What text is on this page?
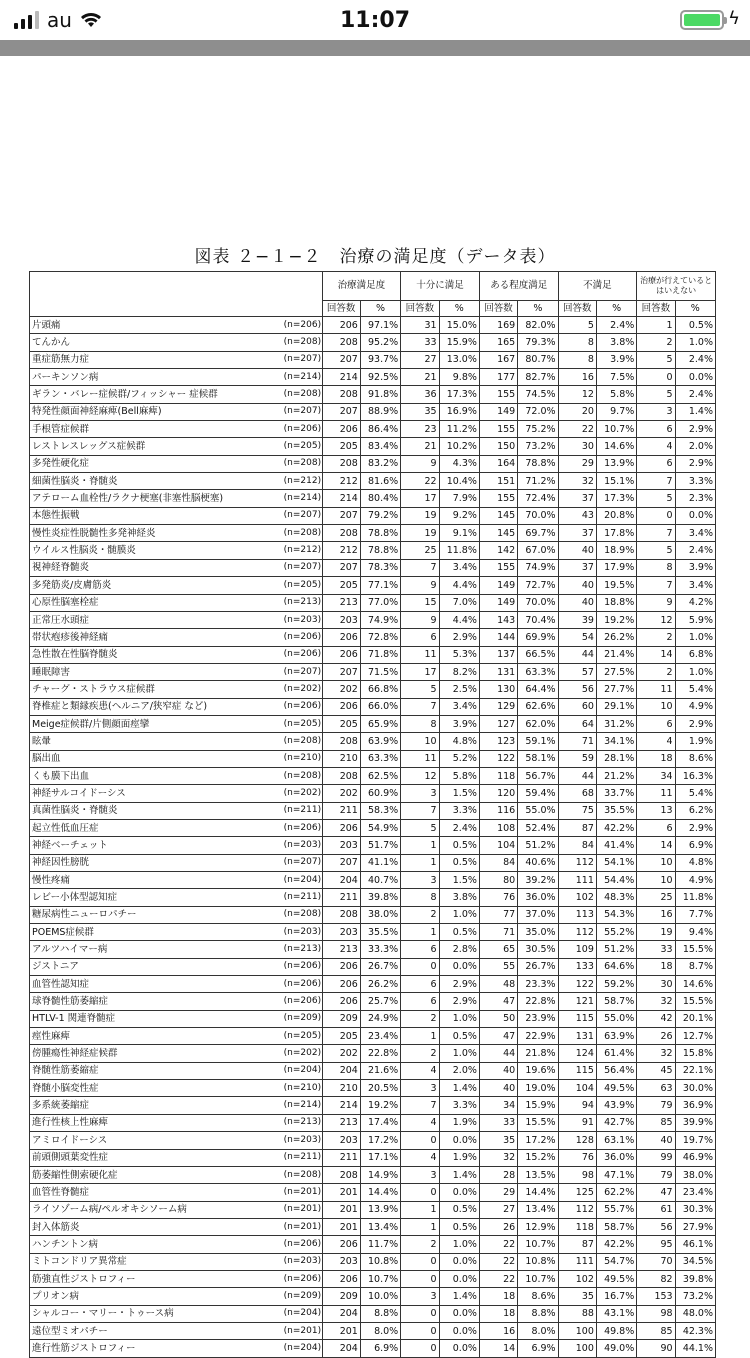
au	11:07	ϟ
図表 ２−１−２　治療の満足度（データ表）
		治療満足度		十分に満足		ある程度満足		不満足		治療が行えているとはいえない	
		回答数	%	回答数	%	回答数	%	回答数	%	回答数	%
片頭痛	(n=206)	206	97.1%	31	15.0%	169	82.0%	5	2.4%	1	0.5%
てんかん	(n=208)	208	95.2%	33	15.9%	165	79.3%	8	3.8%	2	1.0%
重症筋無力症	(n=207)	207	93.7%	27	13.0%	167	80.7%	8	3.9%	5	2.4%
パーキンソン病	(n=214)	214	92.5%	21	9.8%	177	82.7%	16	7.5%	0	0.0%
ギラン・バレー症候群/フィッシャー 症候群	(n=208)	208	91.8%	36	17.3%	155	74.5%	12	5.8%	5	2.4%
特発性顔面神経麻痺(Bell麻痺)	(n=207)	207	88.9%	35	16.9%	149	72.0%	20	9.7%	3	1.4%
手根管症候群	(n=206)	206	86.4%	23	11.2%	155	75.2%	22	10.7%	6	2.9%
レストレスレッグス症候群	(n=205)	205	83.4%	21	10.2%	150	73.2%	30	14.6%	4	2.0%
多発性硬化症	(n=208)	208	83.2%	9	4.3%	164	78.8%	29	13.9%	6	2.9%
細菌性脳炎・脊髄炎	(n=212)	212	81.6%	22	10.4%	151	71.2%	32	15.1%	7	3.3%
アテローム血栓性/ラクナ梗塞(非塞性脳梗塞)	(n=214)	214	80.4%	17	7.9%	155	72.4%	37	17.3%	5	2.3%
本態性振戦	(n=207)	207	79.2%	19	9.2%	145	70.0%	43	20.8%	0	0.0%
慢性炎症性脱髄性多発神経炎	(n=208)	208	78.8%	19	9.1%	145	69.7%	37	17.8%	7	3.4%
ウイルス性脳炎・髄膜炎	(n=212)	212	78.8%	25	11.8%	142	67.0%	40	18.9%	5	2.4%
視神経脊髄炎	(n=207)	207	78.3%	7	3.4%	155	74.9%	37	17.9%	8	3.9%
多発筋炎/皮膚筋炎	(n=205)	205	77.1%	9	4.4%	149	72.7%	40	19.5%	7	3.4%
心原性脳塞栓症	(n=213)	213	77.0%	15	7.0%	149	70.0%	40	18.8%	9	4.2%
正常圧水頭症	(n=203)	203	74.9%	9	4.4%	143	70.4%	39	19.2%	12	5.9%
帯状疱疹後神経痛	(n=206)	206	72.8%	6	2.9%	144	69.9%	54	26.2%	2	1.0%
急性散在性脳脊髄炎	(n=206)	206	71.8%	11	5.3%	137	66.5%	44	21.4%	14	6.8%
睡眠障害	(n=207)	207	71.5%	17	8.2%	131	63.3%	57	27.5%	2	1.0%
チャーグ・ストラウス症候群	(n=202)	202	66.8%	5	2.5%	130	64.4%	56	27.7%	11	5.4%
脊椎症と類縁疾患(ヘルニア/狭窄症 など)	(n=206)	206	66.0%	7	3.4%	129	62.6%	60	29.1%	10	4.9%
Meige症候群/片側顔面痙攣	(n=205)	205	65.9%	8	3.9%	127	62.0%	64	31.2%	6	2.9%
眩暈	(n=208)	208	63.9%	10	4.8%	123	59.1%	71	34.1%	4	1.9%
脳出血	(n=210)	210	63.3%	11	5.2%	122	58.1%	59	28.1%	18	8.6%
くも膜下出血	(n=208)	208	62.5%	12	5.8%	118	56.7%	44	21.2%	34	16.3%
神経サルコイドーシス	(n=202)	202	60.9%	3	1.5%	120	59.4%	68	33.7%	11	5.4%
真菌性脳炎・脊髄炎	(n=211)	211	58.3%	7	3.3%	116	55.0%	75	35.5%	13	6.2%
起立性低血圧症	(n=206)	206	54.9%	5	2.4%	108	52.4%	87	42.2%	6	2.9%
神経ベーチェット	(n=203)	203	51.7%	1	0.5%	104	51.2%	84	41.4%	14	6.9%
神経因性膀胱	(n=207)	207	41.1%	1	0.5%	84	40.6%	112	54.1%	10	4.8%
慢性疼痛	(n=204)	204	40.7%	3	1.5%	80	39.2%	111	54.4%	10	4.9%
レビー小体型認知症	(n=211)	211	39.8%	8	3.8%	76	36.0%	102	48.3%	25	11.8%
糖尿病性ニューロパチー	(n=208)	208	38.0%	2	1.0%	77	37.0%	113	54.3%	16	7.7%
POEMS症候群	(n=203)	203	35.5%	1	0.5%	71	35.0%	112	55.2%	19	9.4%
アルツハイマー病	(n=213)	213	33.3%	6	2.8%	65	30.5%	109	51.2%	33	15.5%
ジストニア	(n=206)	206	26.7%	0	0.0%	55	26.7%	133	64.6%	18	8.7%
血管性認知症	(n=206)	206	26.2%	6	2.9%	48	23.3%	122	59.2%	30	14.6%
球脊髄性筋萎縮症	(n=206)	206	25.7%	6	2.9%	47	22.8%	121	58.7%	32	15.5%
HTLV-1 関連脊髄症	(n=209)	209	24.9%	2	1.0%	50	23.9%	115	55.0%	42	20.1%
痙性麻痺	(n=205)	205	23.4%	1	0.5%	47	22.9%	131	63.9%	26	12.7%
傍腫瘍性神経症候群	(n=202)	202	22.8%	2	1.0%	44	21.8%	124	61.4%	32	15.8%
脊髄性筋萎縮症	(n=204)	204	21.6%	4	2.0%	40	19.6%	115	56.4%	45	22.1%
脊髄小脳変性症	(n=210)	210	20.5%	3	1.4%	40	19.0%	104	49.5%	63	30.0%
多系統萎縮症	(n=214)	214	19.2%	7	3.3%	34	15.9%	94	43.9%	79	36.9%
進行性核上性麻痺	(n=213)	213	17.4%	4	1.9%	33	15.5%	91	42.7%	85	39.9%
アミロイドーシス	(n=203)	203	17.2%	0	0.0%	35	17.2%	128	63.1%	40	19.7%
前頭側頭葉変性症	(n=211)	211	17.1%	4	1.9%	32	15.2%	76	36.0%	99	46.9%
筋萎縮性側索硬化症	(n=208)	208	14.9%	3	1.4%	28	13.5%	98	47.1%	79	38.0%
血管性脊髄症	(n=201)	201	14.4%	0	0.0%	29	14.4%	125	62.2%	47	23.4%
ライソゾーム病/ペルオキシソーム病	(n=201)	201	13.9%	1	0.5%	27	13.4%	112	55.7%	61	30.3%
封入体筋炎	(n=201)	201	13.4%	1	0.5%	26	12.9%	118	58.7%	56	27.9%
ハンチントン病	(n=206)	206	11.7%	2	1.0%	22	10.7%	87	42.2%	95	46.1%
ミトコンドリア異常症	(n=203)	203	10.8%	0	0.0%	22	10.8%	111	54.7%	70	34.5%
筋強直性ジストロフィー	(n=206)	206	10.7%	0	0.0%	22	10.7%	102	49.5%	82	39.8%
プリオン病	(n=209)	209	10.0%	3	1.4%	18	8.6%	35	16.7%	153	73.2%
シャルコー・マリー・トゥース病	(n=204)	204	8.8%	0	0.0%	18	8.8%	88	43.1%	98	48.0%
遠位型ミオパチー	(n=201)	201	8.0%	0	0.0%	16	8.0%	100	49.8%	85	42.3%
進行性筋ジストロフィー	(n=204)	204	6.9%	0	0.0%	14	6.9%	100	49.0%	90	44.1%
